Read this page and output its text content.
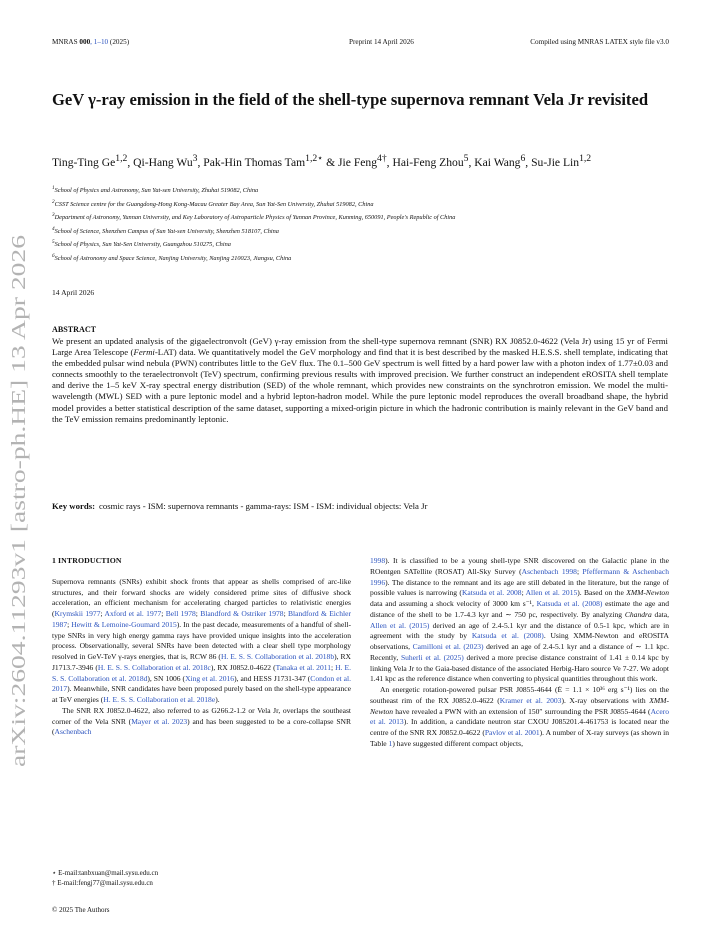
MNRAS 000, 1–10 (2025)	Preprint 14 April 2026	Compiled using MNRAS LATEX style file v3.0
arXiv:2604.11293v1 [astro-ph.HE] 13 Apr 2026
GeV γ-ray emission in the field of the shell-type supernova remnant Vela Jr revisited
Ting-Ting Ge$^{1,2}$, Qi-Hang Wu$^3$, Pak-Hin Thomas Tam$^{1,2⋆}$ & Jie Feng$^{4\dagger}$, Hai-Feng Zhou$^5$, Kai Wang$^6$, Su-Jie Lin$^{1,2}$
$^1$School of Physics and Astronomy, Sun Yat-sen University, Zhuhai 519082, China
$^2$CSST Science centre for the Guangdong-Hong Kong-Macau Greater Bay Area, Sun Yat-Sen University, Zhuhai 519082, China
$^3$Department of Astronomy, Yunnan University, and Key Laboratory of Astroparticle Physics of Yunnan Province, Kunming, 650091, People's Republic of China
$^4$School of Science, Shenzhen Campus of Sun Yat-sen University, Shenzhen 518107, China
$^5$School of Physics, Sun Yat-Sen University, Guangzhou 510275, China
$^6$School of Astronomy and Space Science, Nanjing University, Nanjing 210023, Jiangsu, China
14 April 2026
ABSTRACT
We present an updated analysis of the gigaelectronvolt (GeV) γ-ray emission from the shell-type supernova remnant (SNR) RX J0852.0-4622 (Vela Jr) using 15 yr of Fermi Large Area Telescope (Fermi-LAT) data. We quantitatively model the GeV morphology and find that it is best described by the masked H.E.S.S. shell template, indicating that the embedded pulsar wind nebula (PWN) contributes little to the GeV flux. The 0.1–500 GeV spectrum is well fitted by a hard power law with a photon index of 1.77±0.03 and connects smoothly to the teraelectronvolt (TeV) spectrum, confirming previous results with improved precision. We further construct an independent eROSITA shell template and derive the 1–5 keV X-ray spectral energy distribution (SED) of the whole remnant, which provides new constraints on the synchrotron emission. We model the multi-wavelength (MWL) SED with a pure leptonic model and a hybrid lepton-hadron model. While the pure leptonic model reproduces the overall broadband shape, the hybrid model provides a better statistical description of the same dataset, supporting a mixed-origin picture in which the hadronic contribution is mainly relevant in the GeV band and the TeV emission remains predominantly leptonic.
Key words: cosmic rays - ISM: supernova remnants - gamma-rays: ISM - ISM: individual objects: Vela Jr

1 INTRODUCTION

Supernova remnants (SNRs) exhibit shock fronts that appear as shells comprised of arc-like structures, and their forward shocks are widely considered prime sites of diffusive shock acceleration, an efficient mechanism for accelerating charged particles to relativistic energies (Krymskii 1977; Axford et al. 1977; Bell 1978; Blandford & Ostriker 1978; Blandford & Eichler 1987; Hewitt & Lemoine-Goumard 2015). In the past decade, measurements of a handful of shell-type SNRs in very high energy gamma rays have provided unique insights into the acceleration process. Observationally, several SNRs have been detected with a clear shell type morphology resolved in GeV-TeV γ-rays energies, that is, RCW 86 (H. E. S. S. Collaboration et al. 2018b), RX J1713.7-3946 (H. E. S. S. Collaboration et al. 2018c), RX J0852.0-4622 (Tanaka et al. 2011; H. E. S. S. Collaboration et al. 2018d), SN 1006 (Xing et al. 2016), and HESS J1731-347 (Condon et al. 2017). Meanwhile, SNR candidates have been proposed purely based on the shell-type appearance at TeV energies (H. E. S. S. Collaboration et al. 2018e).

The SNR RX J0852.0-4622, also referred to as G266.2-1.2 or Vela Jr, overlaps the southeast corner of the Vela SNR (Mayer et al. 2023) and has been suggested to be a core-collapse SNR (Aschenbach

1998). It is classified to be a young shell-type SNR discovered on the Galactic plane in the ROentgen SATellite (ROSAT) All-Sky Survey (Aschenbach 1998; Pfeffermann & Aschenbach 1996). The distance to the remnant and its age are still debated in the literature, but the range of possible values is narrowing (Katsuda et al. 2008; Allen et al. 2015). Based on the XMM-Newton data and assuming a shock velocity of 3000 km s⁻¹, Katsuda et al. (2008) estimate the age and distance of the shell to be 1.7-4.3 kyr and ∼ 750 pc, respectively. By analyzing Chandra data, Allen et al. (2015) derived an age of 2.4-5.1 kyr and the distance of 0.5-1 kpc, which are in agreement with the study by Katsuda et al. (2008). Using XMM-Newton and eROSITA observations, Camilloni et al. (2023) derived an age of 2.4-5.1 kyr and a distance of ∼ 1.1 kpc. Recently, Suherli et al. (2025) derived a more precise distance constraint of 1.41 ± 0.14 kpc by linking Vela Jr to the Gaia-based distance of the associated Herbig-Haro source Ve 7-27. We adopt 1.41 kpc as the reference distance when converting to physical quantities throughout this work.

An energetic rotation-powered pulsar PSR J0855-4644 (Ė = 1.1 × 10³⁶ erg s⁻¹) lies on the southeast rim of the RX J0852.0-4622 (Kramer et al. 2003). X-ray observations with XMM-Newton have revealed a PWN with an extension of 150″ surrounding the PSR J0855-4644 (Acero et al. 2013). In addition, a candidate neutron star CXOU J085201.4-461753 is located near the centre of the SNR RX J0852.0-4622 (Pavlov et al. 2001). A number of X-ray surveys (as shown in Table 1) have suggested different compact objects,

⋆ E-mail:tanbxuan@mail.sysu.edu.cn
† E-mail:fengj77@mail.sysu.edu.cn
© 2025 The Authors
